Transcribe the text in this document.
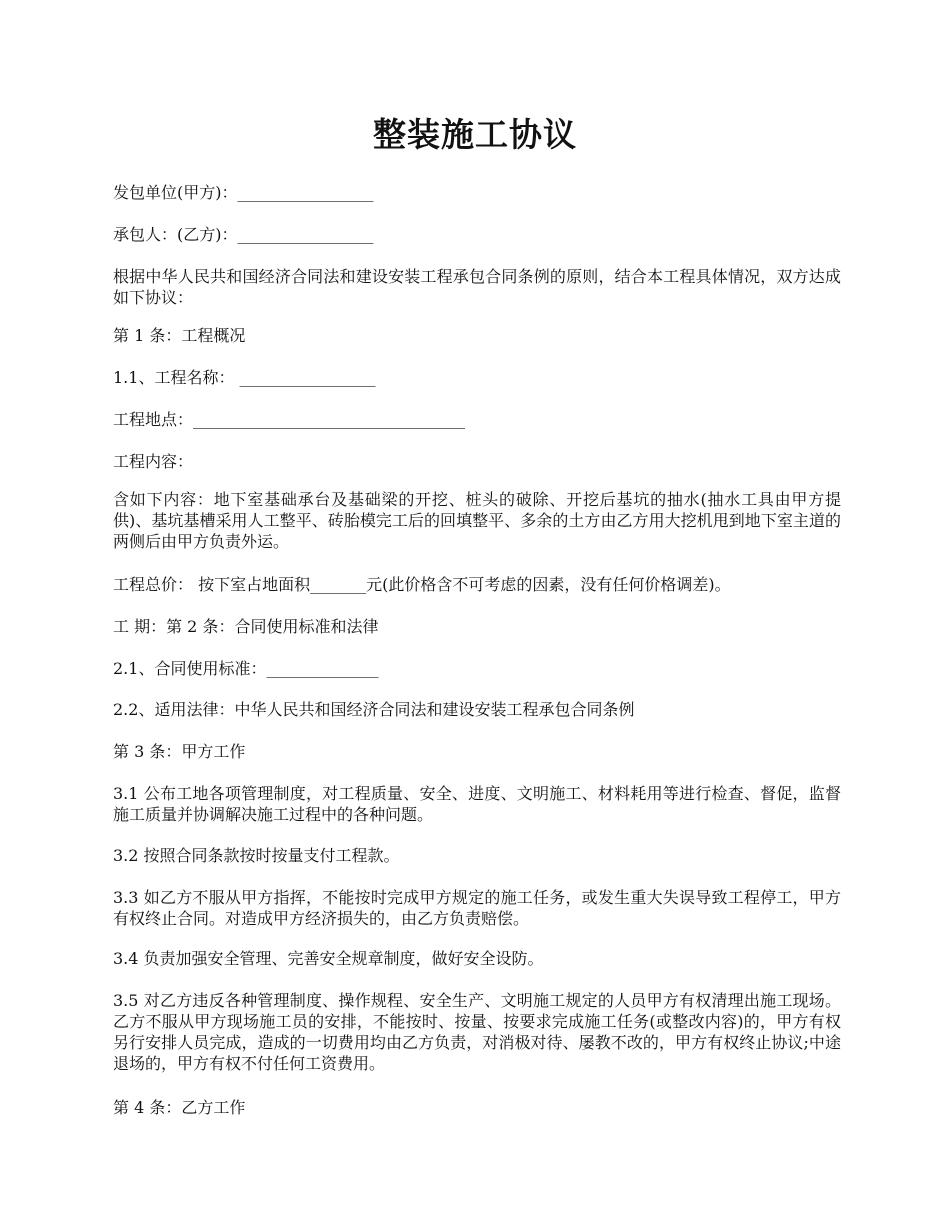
整装施工协议

发包单位(甲方)：_________________

承包人：(乙方)：_________________

根据中华人民共和国经济合同法和建设安装工程承包合同条例的原则，结合本工程具体情况，双方达成如下协议：

第 1 条：工程概况

1.1、工程名称： _________________

工程地点：__________________________________

工程内容：

含如下内容：地下室基础承台及基础梁的开挖、桩头的破除、开挖后基坑的抽水(抽水工具由甲方提供)、基坑基槽采用人工整平、砖胎模完工后的回填整平、多余的土方由乙方用大挖机甩到地下室主道的两侧后由甲方负责外运。

工程总价： 按下室占地面积_______元(此价格含不可考虑的因素，没有任何价格调差)。

工 期：第 2 条：合同使用标准和法律

2.1、合同使用标准：______________

2.2、适用法律：中华人民共和国经济合同法和建设安装工程承包合同条例

第 3 条：甲方工作

3.1 公布工地各项管理制度，对工程质量、安全、进度、文明施工、材料耗用等进行检查、督促，监督施工质量并协调解决施工过程中的各种问题。

3.2 按照合同条款按时按量支付工程款。

3.3 如乙方不服从甲方指挥，不能按时完成甲方规定的施工任务，或发生重大失误导致工程停工，甲方有权终止合同。对造成甲方经济损失的，由乙方负责赔偿。

3.4 负责加强安全管理、完善安全规章制度，做好安全设防。

3.5 对乙方违反各种管理制度、操作规程、安全生产、文明施工规定的人员甲方有权清理出施工现场。乙方不服从甲方现场施工员的安排，不能按时、按量、按要求完成施工任务(或整改内容)的，甲方有权另行安排人员完成，造成的一切费用均由乙方负责，对消极对待、屡教不改的，甲方有权终止协议;中途退场的，甲方有权不付任何工资费用。

第 4 条：乙方工作
